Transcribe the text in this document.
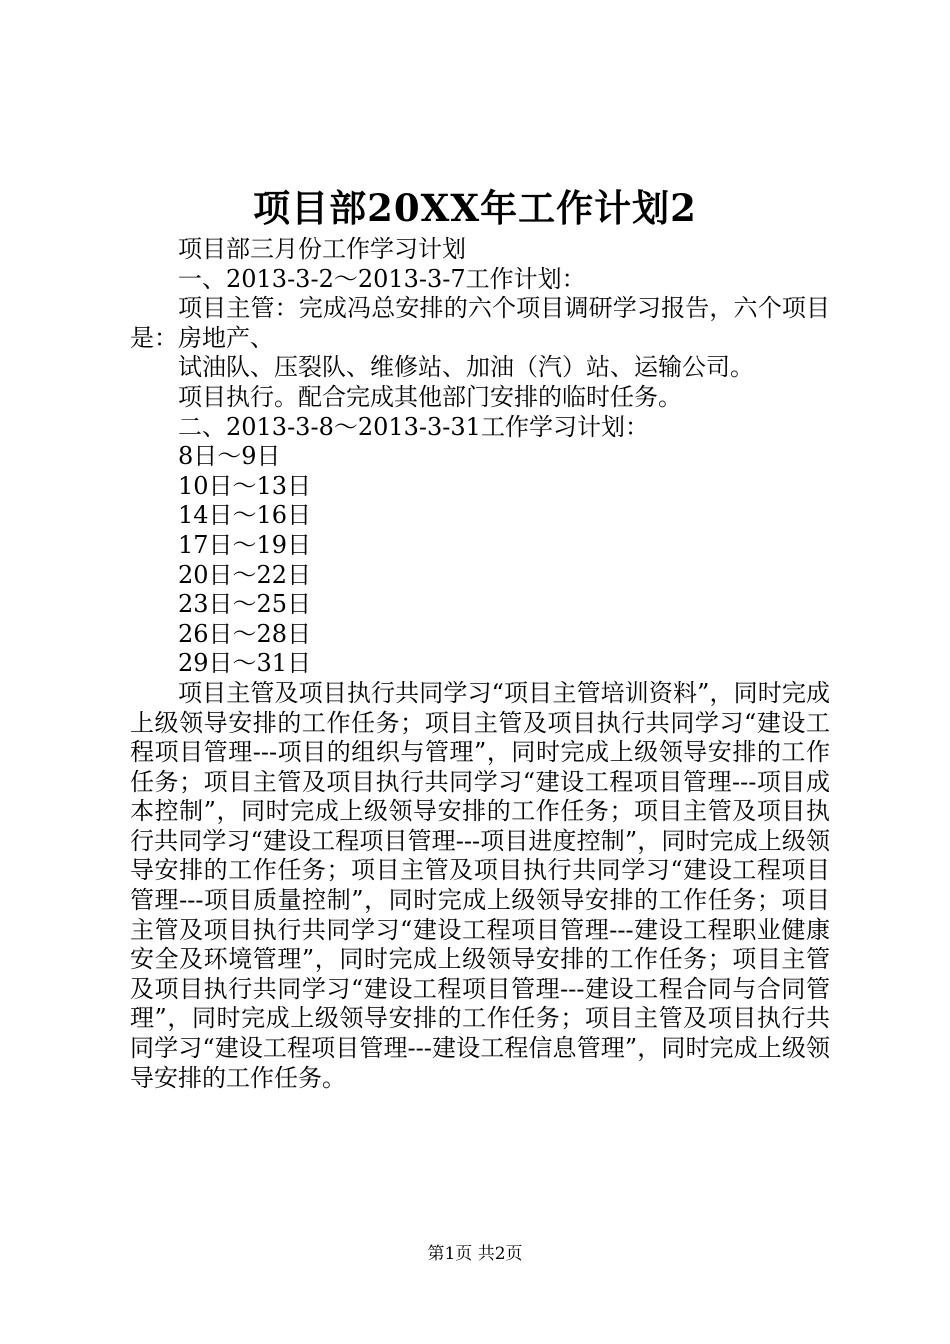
项目部20XX年工作计划2

项目部三月份工作学习计划

一、2013-3-2～2013-3-7工作计划：

项目主管：完成冯总安排的六个项目调研学习报告，六个项目是：房地产、

试油队、压裂队、维修站、加油（汽）站、运输公司。

项目执行。配合完成其他部门安排的临时任务。

二、2013-3-8～2013-3-31工作学习计划：

8日～9日

10日～13日

14日～16日

17日～19日

20日～22日

23日～25日

26日～28日

29日～31日

项目主管及项目执行共同学习“项目主管培训资料”，同时完成上级领导安排的工作任务；项目主管及项目执行共同学习“建设工程项目管理---项目的组织与管理”，同时完成上级领导安排的工作任务；项目主管及项目执行共同学习“建设工程项目管理---项目成本控制”，同时完成上级领导安排的工作任务；项目主管及项目执行共同学习“建设工程项目管理---项目进度控制”，同时完成上级领导安排的工作任务；项目主管及项目执行共同学习“建设工程项目管理---项目质量控制”，同时完成上级领导安排的工作任务；项目主管及项目执行共同学习“建设工程项目管理---建设工程职业健康安全及环境管理”，同时完成上级领导安排的工作任务；项目主管及项目执行共同学习“建设工程项目管理---建设工程合同与合同管理”，同时完成上级领导安排的工作任务；项目主管及项目执行共同学习“建设工程项目管理---建设工程信息管理”，同时完成上级领导安排的工作任务。

第1页 共2页
